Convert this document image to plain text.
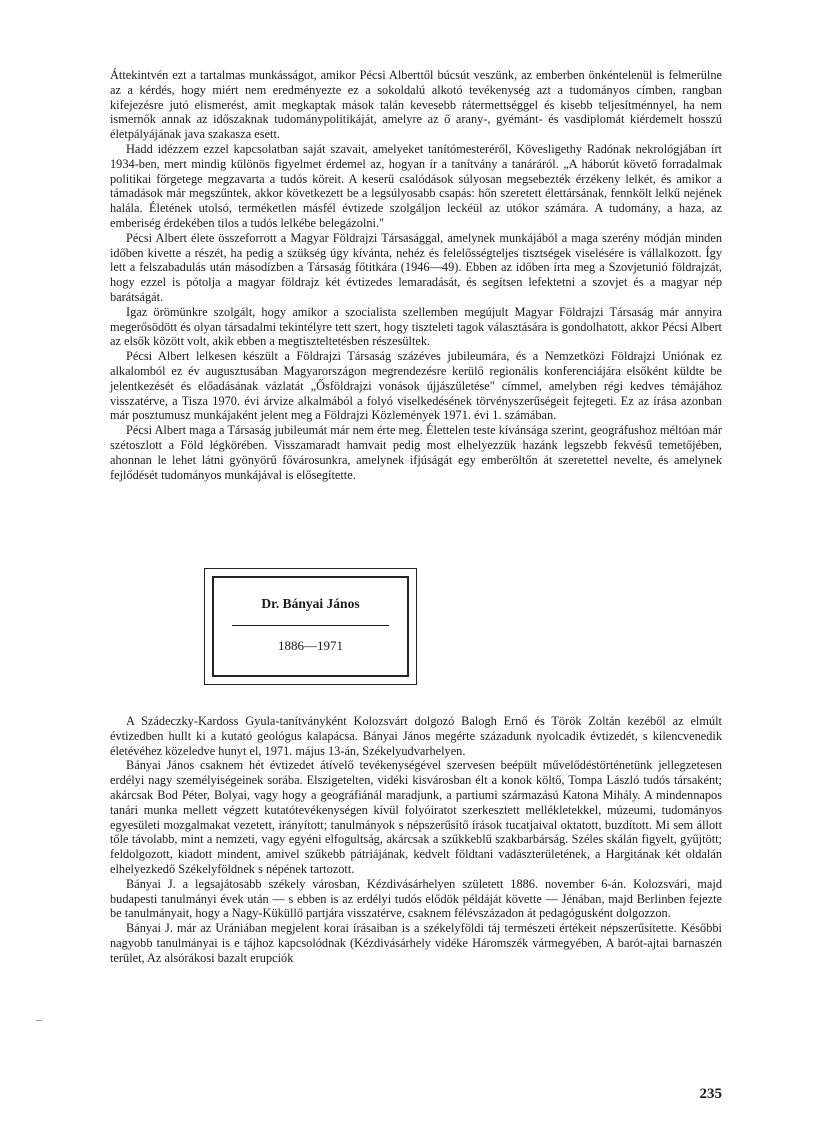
Áttekintvén ezt a tartalmas munkásságot, amikor Pécsi Alberttől búcsút veszünk, az emberben önkéntelenül is felmerülne az a kérdés, hogy miért nem eredményezte ez a sokoldalú alkotó tevékenység azt a tudományos címben, rangban kifejezésre jutó elismerést, amit megkaptak mások talán kevesebb rátermettséggel és kisebb teljesítménnyel, ha nem ismernők annak az időszaknak tudománypolitikáját, amelyre az ő arany-, gyémánt- és vasdiplomát kiérdemelt hosszú életpályájának java szakasza esett.

Hadd idézzem ezzel kapcsolatban saját szavait, amelyeket tanítómesteréről, Kövesligethy Radónak nekrológjában írt 1934-ben, mert mindig különös figyelmet érdemel az, hogyan ír a tanítvány a tanáráról. „A háborút követő forradalmak politikai förgetege megzavarta a tudós köreit. A keserű csalódások súlyosan megsebezték érzékeny lelkét, és amikor a támadások már megszűntek, akkor következett be a legsúlyosabb csapás: hőn szeretett élettársának, fennkölt lelkű nejének halála. Életének utolsó, terméketlen másfél évtizede szolgáljon leckéül az utókor számára. A tudomány, a haza, az emberiség érdekében tilos a tudós lelkébe belegázolni."

Pécsi Albert élete összeforrott a Magyar Földrajzi Társasággal, amelynek munkájából a maga szerény módján minden időben kivette a részét, ha pedig a szükség úgy kívánta, nehéz és felelősségteljes tisztségek viselésére is vállalkozott. Így lett a felszabadulás után másodízben a Társaság főtitkára (1946—49). Ebben az időben írta meg a Szovjetunió földrajzát, hogy ezzel is pótolja a magyar földrajz két évtizedes lemaradását, és segítsen lefektetni a szovjet és a magyar nép barátságát.

Igaz örömünkre szolgált, hogy amikor a szocialista szellemben megújult Magyar Földrajzi Társaság már annyira megerősödött és olyan társadalmi tekintélyre tett szert, hogy tiszteleti tagok választására is gondolhatott, akkor Pécsi Albert az elsők között volt, akik ebben a megtiszteltetésben részesültek.

Pécsi Albert lelkesen készült a Földrajzi Társaság százéves jubileumára, és a Nemzetközi Földrajzi Uniónak ez alkalomból ez év augusztusában Magyarországon megrendezésre kerülő regionális konferenciájára elsőként küldte be jelentkezését és előadásának vázlatát „Ősföldrajzi vonások újjászületése" címmel, amelyben régi kedves témájához visszatérve, a Tisza 1970. évi árvize alkalmából a folyó viselkedésének törvényszerűségeit fejtegeti. Ez az írása azonban már posztumusz munkájaként jelent meg a Földrajzi Közlemények 1971. évi 1. számában.

Pécsi Albert maga a Társaság jubileumát már nem érte meg. Élettelen teste kívánsága szerint, geográfushoz méltóan már szétoszlott a Föld légkörében. Visszamaradt hamvait pedig most elhelyezzük hazánk legszebb fekvésű temetőjében, ahonnan le lehet látni gyönyörű fővárosunkra, amelynek ifjúságát egy emberöltőn át szeretettel nevelte, és amelynek fejlődését tudományos munkájával is elősegítette.

A Szádeczky-Kardoss Gyula-tanítványként Kolozsvárt dolgozó Balogh Ernő és Török Zoltán kezéből az elmúlt évtizedben hullt ki a kutató geológus kalapácsa. Bányai János megérte századunk nyolcadik évtizedét, s kilencvenedik életévéhez közeledve hunyt el, 1971. május 13-án, Székelyudvarhelyen.

Bányai János csaknem hét évtizedet átívelő tevékenységével szervesen beépült művelődéstörténetünk jellegzetesen erdélyi nagy személyiségeinek sorába. Elszigetelten, vidéki kisvárosban élt a konok költő, Tompa László tudós társaként; akárcsak Bod Péter, Bolyai, vagy hogy a geográfiánál maradjunk, a partiumi származású Katona Mihály. A mindennapos tanári munka mellett végzett kutatótevékenységen kívül folyóiratot szerkesztett mellékletekkel, múzeumi, tudományos egyesületi mozgalmakat vezetett, irányított; tanulmányok s népszerűsítő írások tucatjaival oktatott, buzdított. Mi sem állott tőle távolabb, mint a nemzeti, vagy egyéni elfogultság, akárcsak a szűkkeblű szakbarbárság. Széles skálán figyelt, gyűjtött; feldolgozott, kiadott mindent, amivel szűkebb pátriájának, kedvelt földtani vadászterületének, a Hargitának két oldalán elhelyezkedő Székelyföldnek s népének tartozott.

Bányai J. a legsajátosabb székely városban, Kézdivásárhelyen született 1886. november 6-án. Kolozsvári, majd budapesti tanulmányi évek után — s ebben is az erdélyi tudós elődök példáját követte — Jénában, majd Berlinben fejezte be tanulmányait, hogy a Nagy-Küküllő partjára visszatérve, csaknem félévszázadon át pedagógusként dolgozzon.

Bányai J. már az Urániában megjelent korai írásaiban is a székelyföldi táj természeti értékeit népszerűsítette. Későbbi nagyobb tanulmányai is e tájhoz kapcsolódnak (Kézdivásárhely vidéke Háromszék vármegyében, A barót-ajtai barnaszén terület, Az alsórákosi bazalt erupciók

Dr. Bányai János
1886—1971
–
235
